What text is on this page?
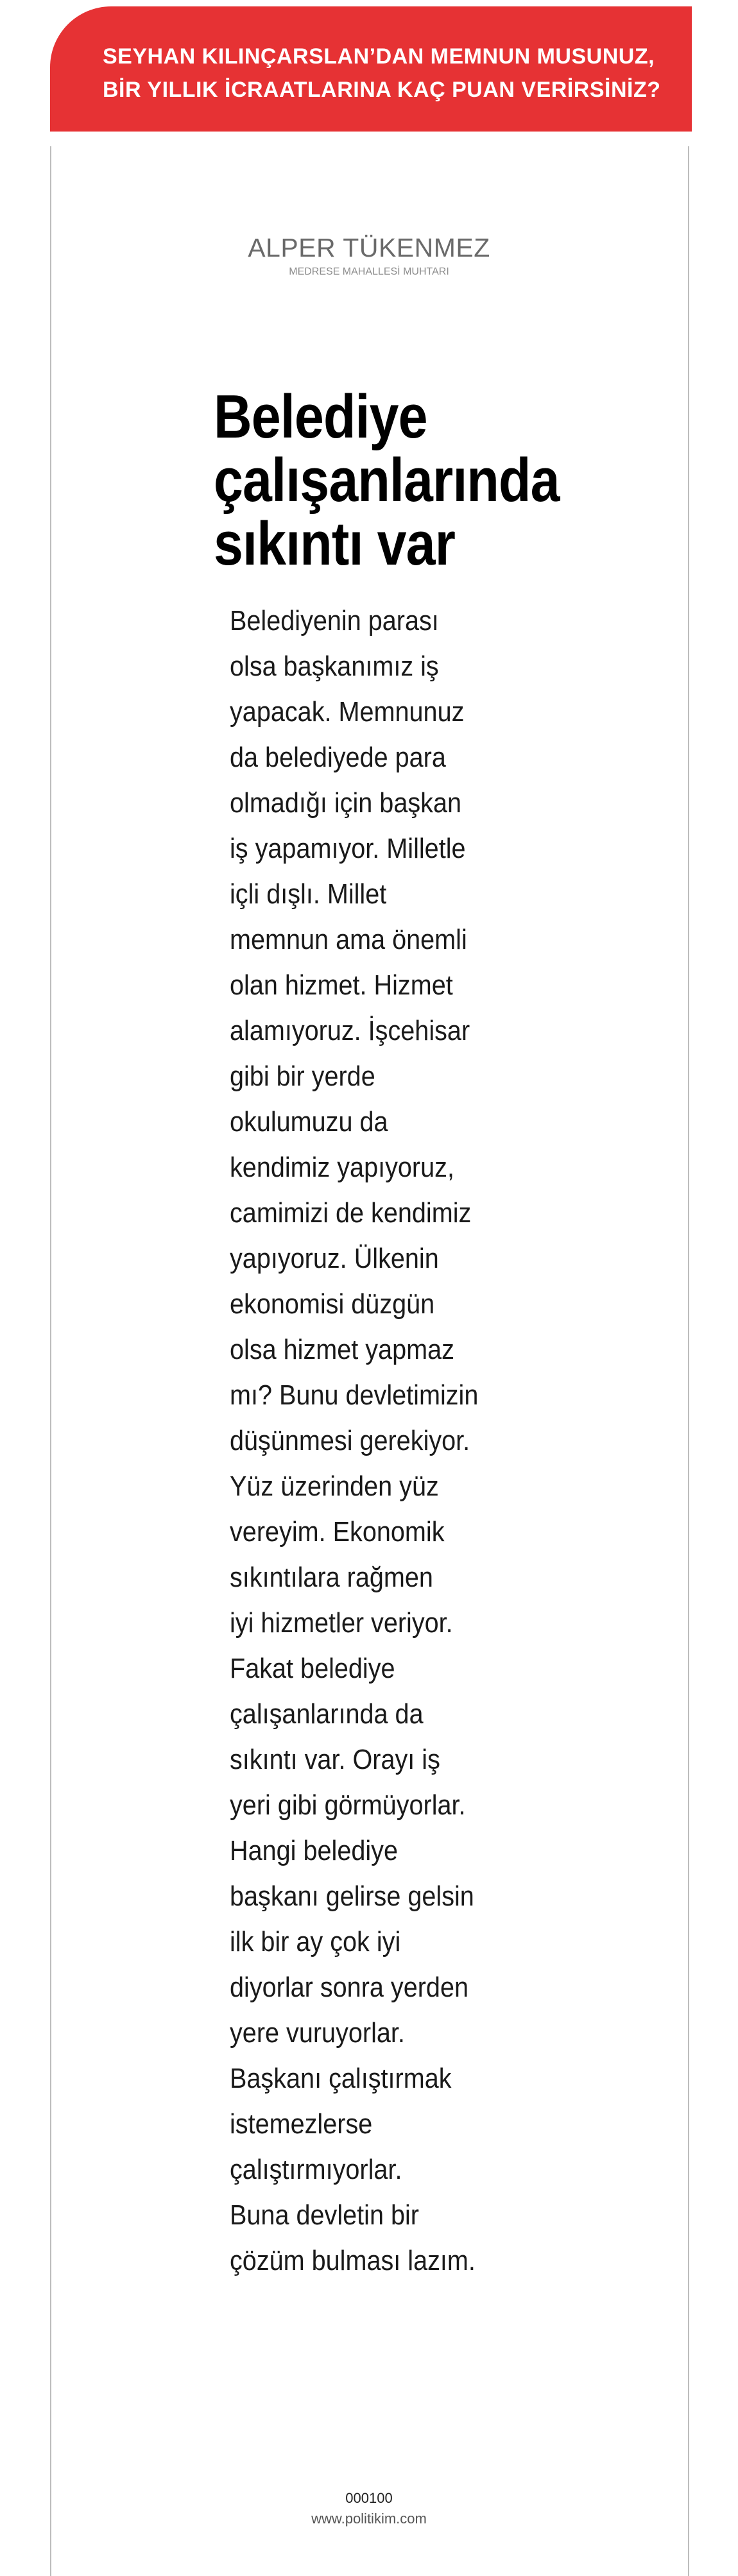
SEYHAN KILINÇARSLAN’DAN MEMNUN MUSUNUZ,
BİR YILLIK İCRAATLARINA KAÇ PUAN VERİRSİNİZ?
ALPER TÜKENMEZ
MEDRESE MAHALLESİ MUHTARI
Belediye
çalışanlarında
sıkıntı var
Belediyenin parası
olsa başkanımız iş
yapacak. Memnunuz
da belediyede para
olmadığı için başkan
iş yapamıyor. Milletle
içli dışlı. Millet
memnun ama önemli
olan hizmet. Hizmet
alamıyoruz. İşcehisar
gibi bir yerde
okulumuzu da
kendimiz yapıyoruz,
camimizi de kendimiz
yapıyoruz. Ülkenin
ekonomisi düzgün
olsa hizmet yapmaz
mı? Bunu devletimizin
düşünmesi gerekiyor.
Yüz üzerinden yüz
vereyim. Ekonomik
sıkıntılara rağmen
iyi hizmetler veriyor.
Fakat belediye
çalışanlarında da
sıkıntı var. Orayı iş
yeri gibi görmüyorlar.
Hangi belediye
başkanı gelirse gelsin
ilk bir ay çok iyi
diyorlar sonra yerden
yere vuruyorlar.
Başkanı çalıştırmak
istemezlerse
çalıştırmıyorlar.
Buna devletin bir
çözüm bulması lazım.
000100
www.politikim.com
